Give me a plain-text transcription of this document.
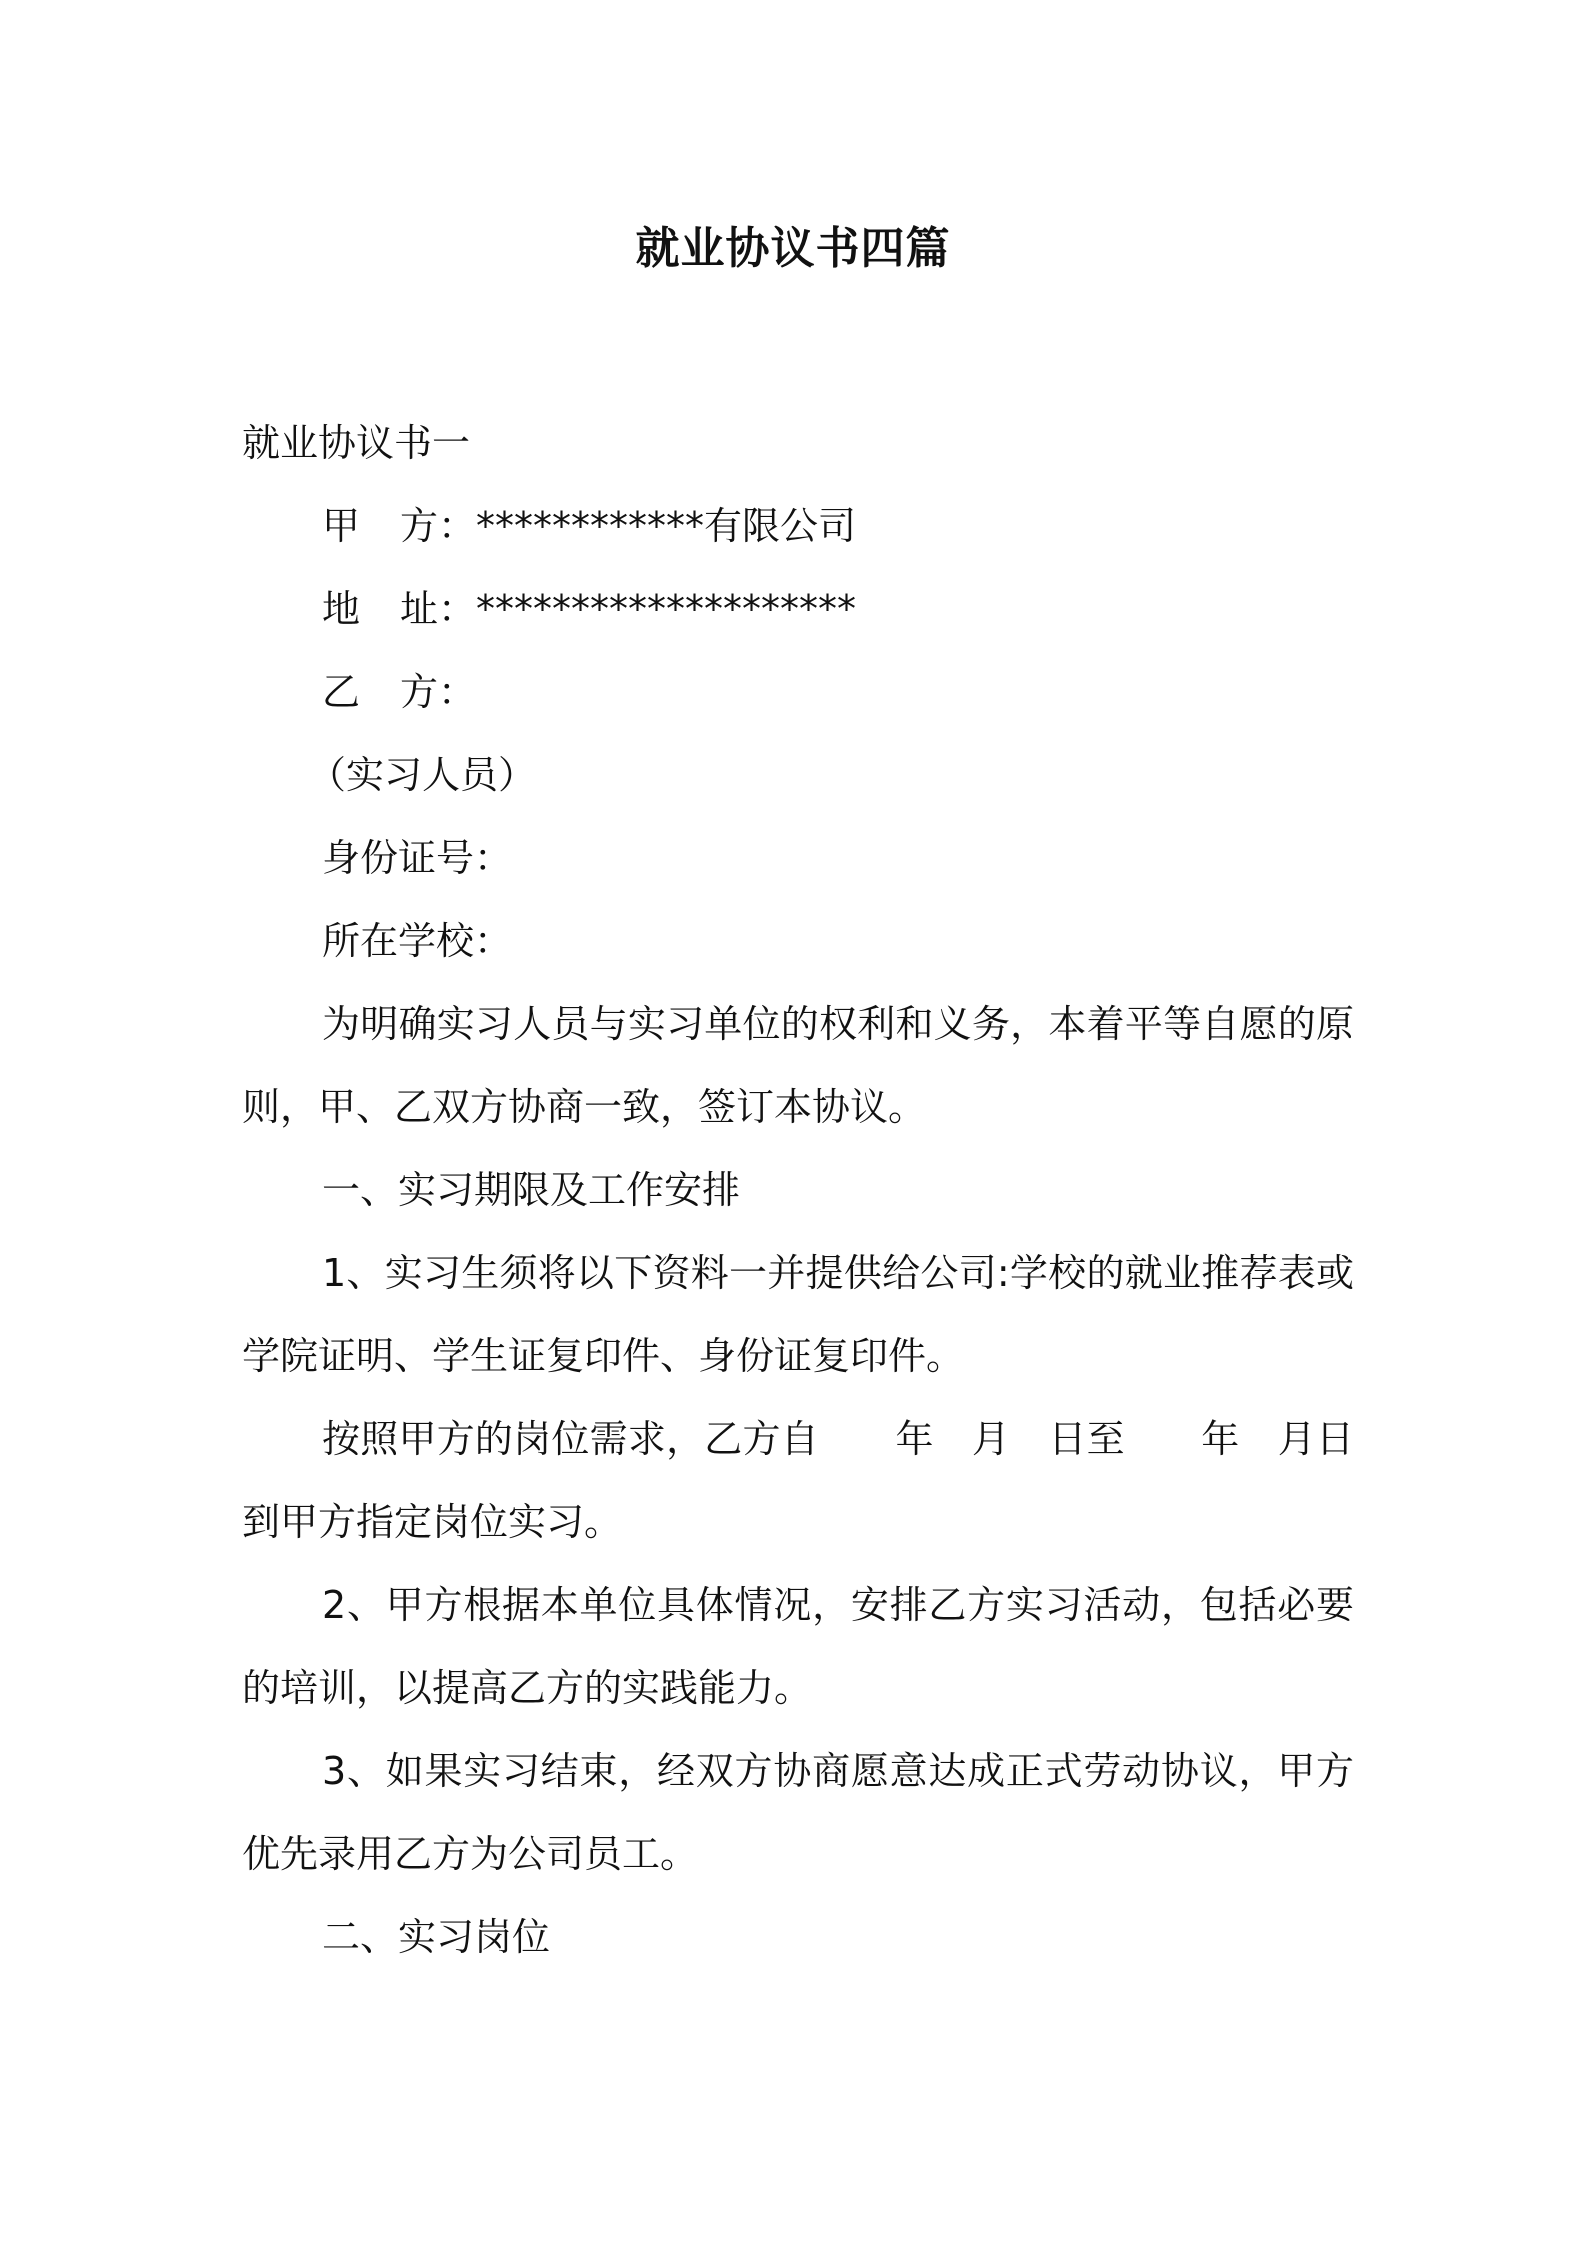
就业协议书四篇

就业协议书一

甲 方：************有限公司

地 址：********************

乙 方：

（实习人员）

身份证号：

所在学校：

为明确实习人员与实习单位的权利和义务，本着平等自愿的原则，甲、乙双方协商一致，签订本协议。

一、实习期限及工作安排

1、实习生须将以下资料一并提供给公司:学校的就业推荐表或学院证明、学生证复印件、身份证复印件。

按照甲方的岗位需求，乙方自　　年　月　日至　　年　月日到甲方指定岗位实习。

2、甲方根据本单位具体情况，安排乙方实习活动，包括必要的培训，以提高乙方的实践能力。

3、如果实习结束，经双方协商愿意达成正式劳动协议，甲方优先录用乙方为公司员工。

二、实习岗位
